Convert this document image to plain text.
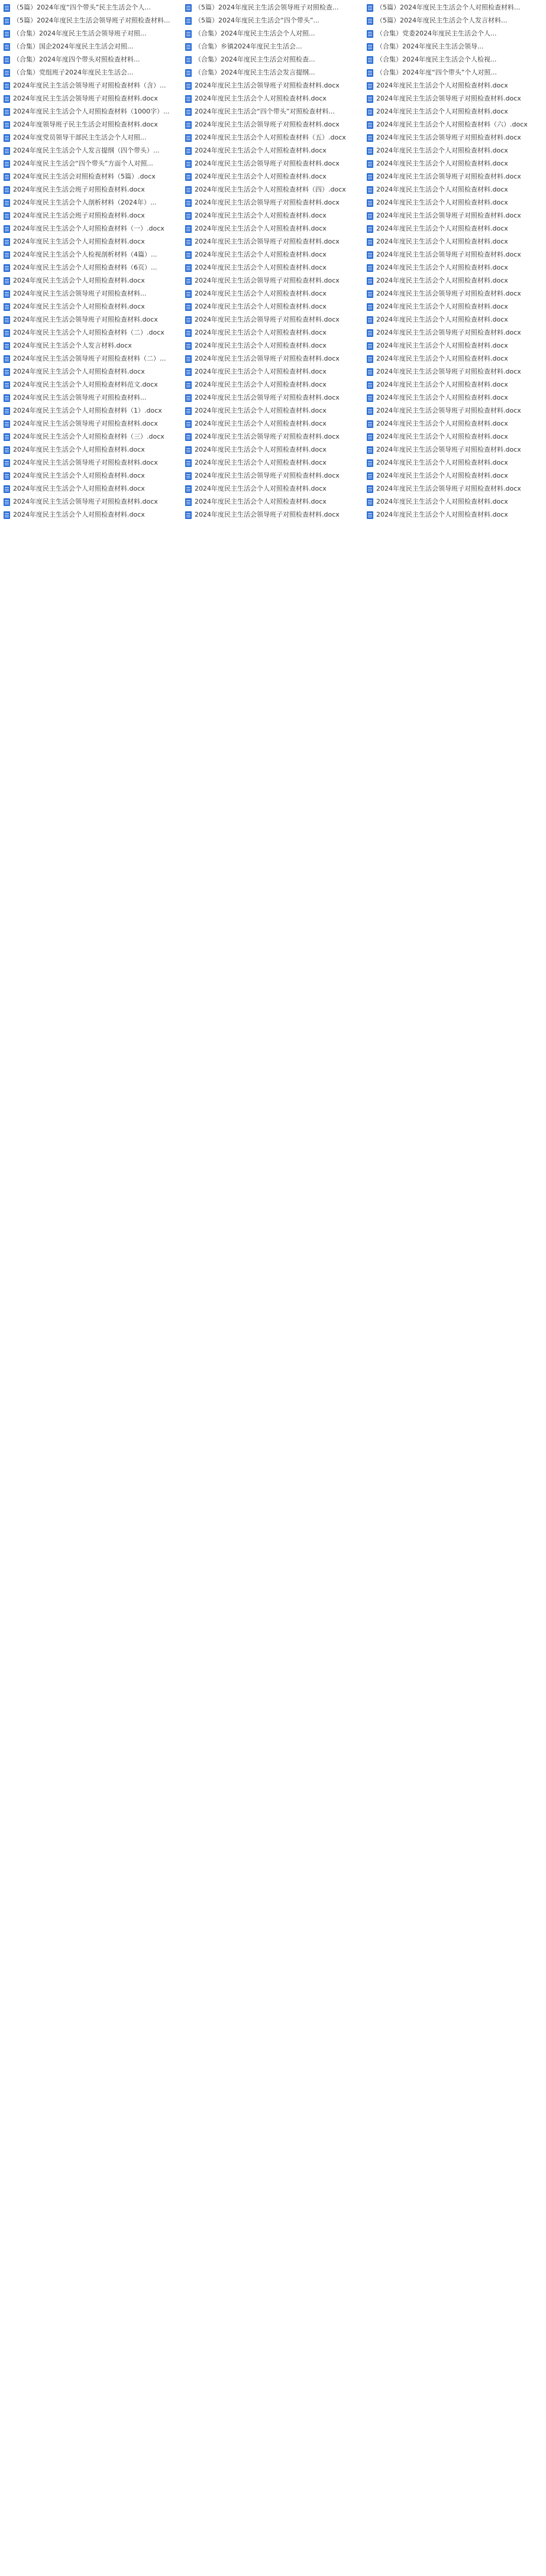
（5篇）2024年度“四个带头”民主生活会个人...
（5篇）2024年度民主生活会领导班子对照检查材料...
（合集）2024年度民主生活会领导班子对照...
（合集）国企2024年度民主生活会对照...
（合集）2024年度四个带头对照检查材料...
（合集）党组班子2024年度民主生活会...
2024年度民主生活会领导班子对照检查材料（含）...
2024年度民主生活会领导班子对照检查材料.docx
2024年度民主生活会个人对照检查材料（1000字）...
2024年度领导班子民主生活会对照检查材料.docx
2024年度党员领导干部民主生活会个人对照...
2024年度民主生活会个人发言提纲（四个带头）...
2024年度民主生活会“四个带头”方面个人对照...
2024年度民主生活会对照检查材料（5篇）.docx
2024年度民主生活会班子对照检查材料.docx
2024年度民主生活会个人剖析材料（2024年）...
2024年度民主生活会班子对照检查材料.docx
2024年度民主生活会个人对照检查材料（一）.docx
2024年度民主生活会个人对照检查材料.docx
2024年度民主生活会个人检视剖析材料（4篇）...
2024年度民主生活会个人对照检查材料（6页）...
2024年度民主生活会个人对照检查材料.docx
2024年度民主生活会领导班子对照检查材料...
2024年度民主生活会个人对照检查材料.docx
2024年度民主生活会领导班子对照检查材料.docx
2024年度民主生活会个人对照检查材料（二）.docx
2024年度民主生活会个人发言材料.docx
2024年度民主生活会领导班子对照检查材料（二）...
2024年度民主生活会个人对照检查材料.docx
2024年度民主生活会个人对照检查材料范文.docx
2024年度民主生活会领导班子对照检查材料...
2024年度民主生活会个人对照检查材料（1）.docx
2024年度民主生活会领导班子对照检查材料.docx
2024年度民主生活会个人对照检查材料（三）.docx
2024年度民主生活会个人对照检查材料.docx
2024年度民主生活会领导班子对照检查材料.docx
2024年度民主生活会个人对照检查材料.docx
2024年度民主生活会个人对照检查材料.docx
2024年度民主生活会领导班子对照检查材料.docx
2024年度民主生活会个人对照检查材料.docx
（5篇）2024年度民主生活会领导班子对照检查...
（5篇）2024年度民主生活会“四个带头”...
（合集）2024年度民主生活会个人对照...
（合集）乡镇2024年度民主生活会...
（合集）2024年度民主生活会对照检查...
（合集）2024年度民主生活会发言提纲...
2024年度民主生活会领导班子对照检查材料.docx
2024年度民主生活会个人对照检查材料.docx
2024年度民主生活会“四个带头”对照检查材料...
2024年度民主生活会领导班子对照检查材料.docx
2024年度民主生活会个人对照检查材料（五）.docx
2024年度民主生活会个人对照检查材料.docx
2024年度民主生活会领导班子对照检查材料.docx
2024年度民主生活会个人对照检查材料.docx
2024年度民主生活会个人对照检查材料（四）.docx
2024年度民主生活会领导班子对照检查材料.docx
2024年度民主生活会个人对照检查材料.docx
2024年度民主生活会个人对照检查材料.docx
2024年度民主生活会领导班子对照检查材料.docx
2024年度民主生活会个人对照检查材料.docx
2024年度民主生活会个人对照检查材料.docx
2024年度民主生活会领导班子对照检查材料.docx
2024年度民主生活会个人对照检查材料.docx
2024年度民主生活会个人对照检查材料.docx
2024年度民主生活会领导班子对照检查材料.docx
2024年度民主生活会个人对照检查材料.docx
2024年度民主生活会个人对照检查材料.docx
2024年度民主生活会领导班子对照检查材料.docx
2024年度民主生活会个人对照检查材料.docx
2024年度民主生活会个人对照检查材料.docx
2024年度民主生活会领导班子对照检查材料.docx
2024年度民主生活会个人对照检查材料.docx
2024年度民主生活会个人对照检查材料.docx
2024年度民主生活会领导班子对照检查材料.docx
2024年度民主生活会个人对照检查材料.docx
2024年度民主生活会个人对照检查材料.docx
2024年度民主生活会领导班子对照检查材料.docx
2024年度民主生活会个人对照检查材料.docx
2024年度民主生活会个人对照检查材料.docx
2024年度民主生活会领导班子对照检查材料.docx
（5篇）2024年度民主生活会个人对照检查材料...
（5篇）2024年度民主生活会个人发言材料...
（合集）党委2024年度民主生活会个人...
（合集）2024年度民主生活会领导...
（合集）2024年度民主生活会个人检视...
（合集）2024年度“四个带头”个人对照...
2024年度民主生活会个人对照检查材料.docx
2024年度民主生活会领导班子对照检查材料.docx
2024年度民主生活会个人对照检查材料.docx
2024年度民主生活会个人对照检查材料（六）.docx
2024年度民主生活会领导班子对照检查材料.docx
2024年度民主生活会个人对照检查材料.docx
2024年度民主生活会个人对照检查材料.docx
2024年度民主生活会领导班子对照检查材料.docx
2024年度民主生活会个人对照检查材料.docx
2024年度民主生活会个人对照检查材料.docx
2024年度民主生活会领导班子对照检查材料.docx
2024年度民主生活会个人对照检查材料.docx
2024年度民主生活会个人对照检查材料.docx
2024年度民主生活会领导班子对照检查材料.docx
2024年度民主生活会个人对照检查材料.docx
2024年度民主生活会个人对照检查材料.docx
2024年度民主生活会领导班子对照检查材料.docx
2024年度民主生活会个人对照检查材料.docx
2024年度民主生活会个人对照检查材料.docx
2024年度民主生活会领导班子对照检查材料.docx
2024年度民主生活会个人对照检查材料.docx
2024年度民主生活会个人对照检查材料.docx
2024年度民主生活会领导班子对照检查材料.docx
2024年度民主生活会个人对照检查材料.docx
2024年度民主生活会个人对照检查材料.docx
2024年度民主生活会领导班子对照检查材料.docx
2024年度民主生活会个人对照检查材料.docx
2024年度民主生活会个人对照检查材料.docx
2024年度民主生活会领导班子对照检查材料.docx
2024年度民主生活会个人对照检查材料.docx
2024年度民主生活会个人对照检查材料.docx
2024年度民主生活会领导班子对照检查材料.docx
2024年度民主生活会个人对照检查材料.docx
2024年度民主生活会个人对照检查材料.docx
